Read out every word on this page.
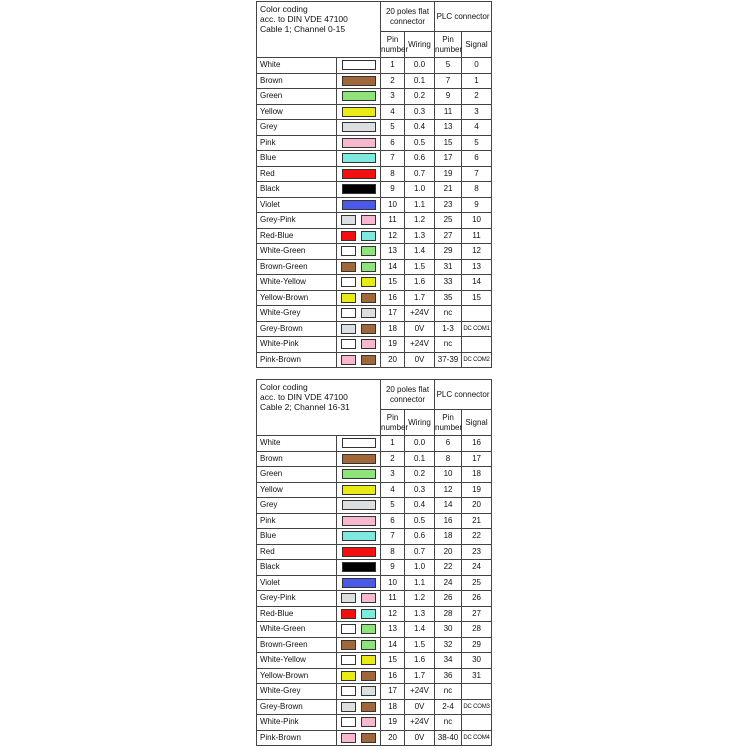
Color coding
acc. to DIN VDE 47100
Cable 1; Channel 0-15		20 poles flat connector		PLC connector	
		Pin number	Wiring	Pin number	Signal
White		1	0.0	5	0
Brown		2	0.1	7	1
Green		3	0.2	9	2
Yellow		4	0.3	11	3
Grey		5	0.4	13	4
Pink		6	0.5	15	5
Blue		7	0.6	17	6
Red		8	0.7	19	7
Black		9	1.0	21	8
Violet		10	1.1	23	9
Grey-Pink		11	1.2	25	10
Red-Blue		12	1.3	27	11
White-Green		13	1.4	29	12
Brown-Green		14	1.5	31	13
White-Yellow		15	1.6	33	14
Yellow-Brown		16	1.7	35	15
White-Grey		17	+24V	nc	
Grey-Brown		18	0V	1-3	DC COM1
White-Pink		19	+24V	nc	
Pink-Brown		20	0V	37-39	DC COM2
Color coding
acc. to DIN VDE 47100
Cable 2; Channel 16-31		20 poles flat connector		PLC connector	
		Pin number	Wiring	Pin number	Signal
White		1	0.0	6	16
Brown		2	0.1	8	17
Green		3	0.2	10	18
Yellow		4	0.3	12	19
Grey		5	0.4	14	20
Pink		6	0.5	16	21
Blue		7	0.6	18	22
Red		8	0.7	20	23
Black		9	1.0	22	24
Violet		10	1.1	24	25
Grey-Pink		11	1.2	26	26
Red-Blue		12	1.3	28	27
White-Green		13	1.4	30	28
Brown-Green		14	1.5	32	29
White-Yellow		15	1.6	34	30
Yellow-Brown		16	1.7	36	31
White-Grey		17	+24V	nc	
Grey-Brown		18	0V	2-4	DC COM3
White-Pink		19	+24V	nc	
Pink-Brown		20	0V	38-40	DC COM4
